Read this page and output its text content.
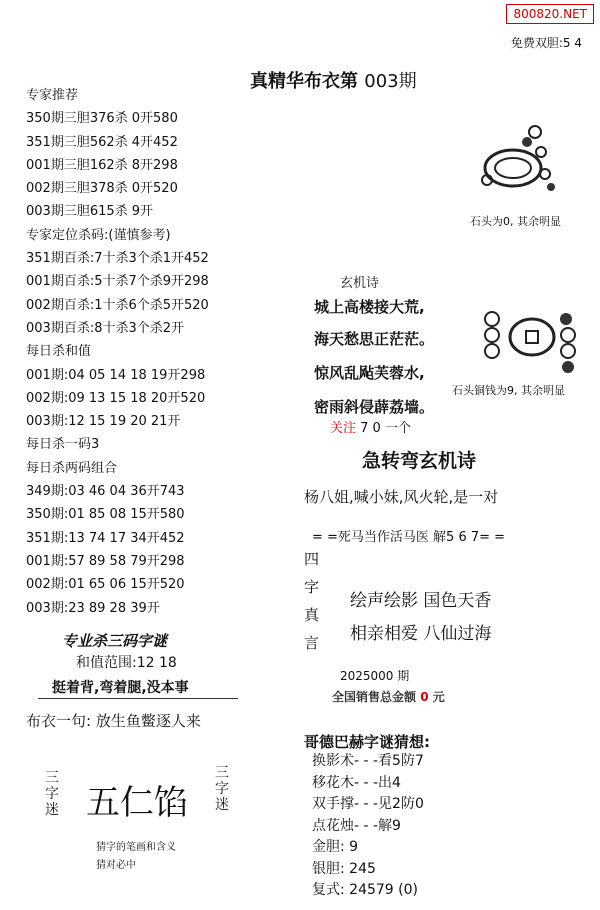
800820.NET
免费双胆:5 4
真精华布衣第 003期
专家推荐
350期三胆376杀 0开580
351期三胆562杀 4开452
001期三胆162杀 8开298
002期三胆378杀 0开520
003期三胆615杀 9开
专家定位杀码:(谨慎参考)
351期百杀:7十杀3个杀1开452
001期百杀:5十杀7个杀9开298
002期百杀:1十杀6个杀5开520
003期百杀:8十杀3个杀2开
每日杀和值
001期:04 05 14 18 19开298
002期:09 13 15 18 20开520
003期:12 15 19 20 21开
每日杀一码3
每日杀两码组合
349期:03 46 04 36开743
350期:01 85 08 15开580
351期:13 74 17 34开452
001期:57 89 58 79开298
002期:01 65 06 15开520
003期:23 89 28 39开
专业杀三码字谜
和值范围:12 18
挺着背,弯着腿,没本事
布衣一句: 放生鱼鳖逐人来
三
字
迷 五仁馅
三
字
迷
猜字的笔画和含义
猜对必中
石头为0, 其余明显
石头铜钱为9, 其余明显
玄机诗
城上高楼接大荒,
海天愁思正茫茫。
惊风乱飐芙蓉水,
密雨斜侵薜荔墙。
关注 7 0 一个
急转弯玄机诗
杨八姐,喊小妹,风火轮,是一对
= =死马当作活马医 解5 6 7= =
四
字
真
言
绘声绘影 国色天香
相亲相爱 八仙过海
2025000 期
全国销售总金额 0 元
哥德巴赫字谜猜想:
换影术- - -看5防7
移花木- - -出4
双手撑- - -见2防0
点花烛- - -解9
金胆: 9
银胆: 245
复式: 24579 (0)
